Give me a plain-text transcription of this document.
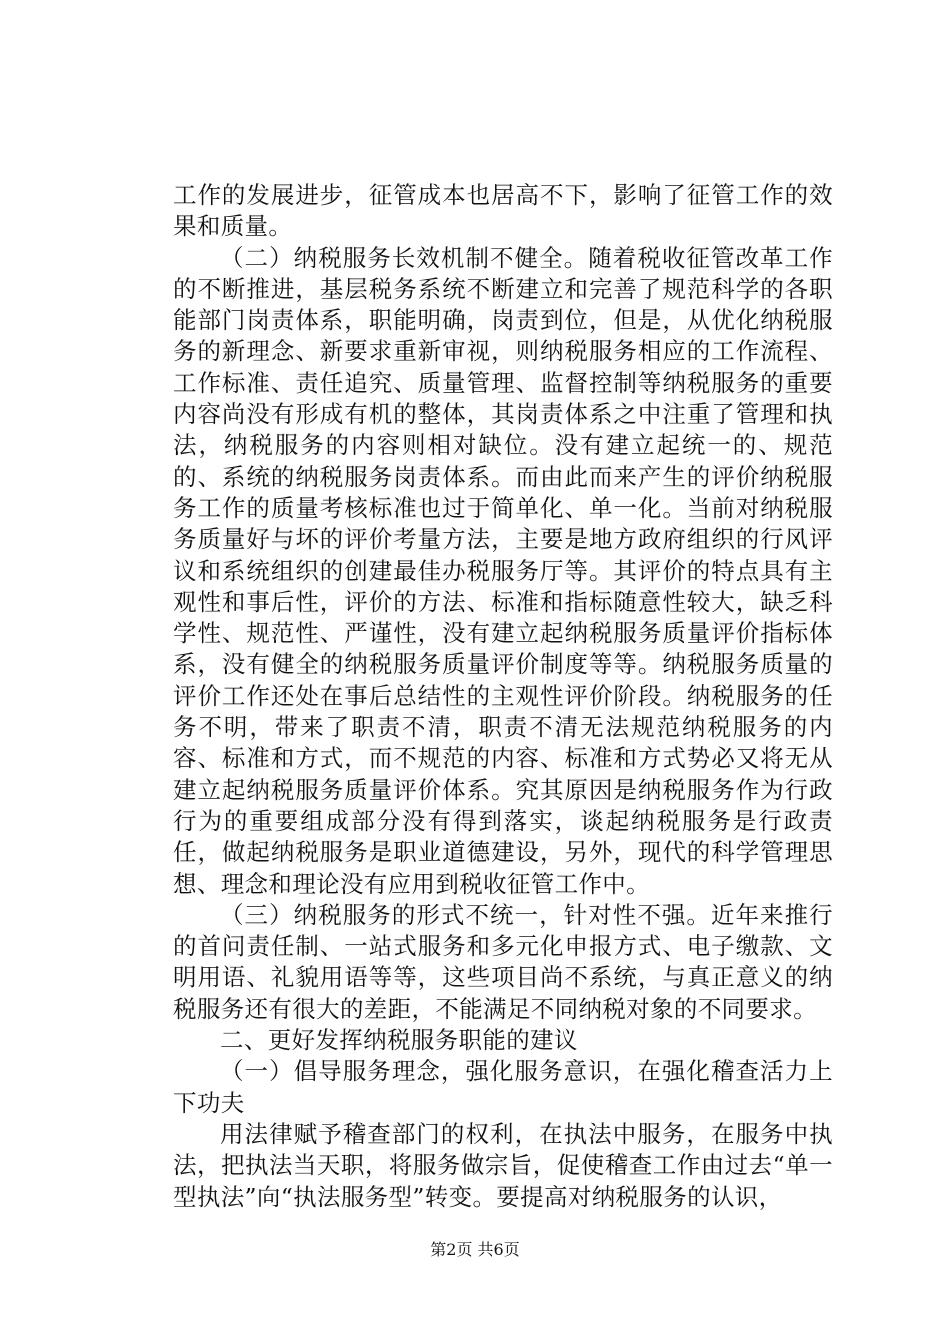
工作的发展进步，征管成本也居高不下，影响了征管工作的效果和质量。

（二）纳税服务长效机制不健全。随着税收征管改革工作的不断推进，基层税务系统不断建立和完善了规范科学的各职能部门岗责体系，职能明确，岗责到位，但是，从优化纳税服务的新理念、新要求重新审视，则纳税服务相应的工作流程、工作标准、责任追究、质量管理、监督控制等纳税服务的重要内容尚没有形成有机的整体，其岗责体系之中注重了管理和执法，纳税服务的内容则相对缺位。没有建立起统一的、规范的、系统的纳税服务岗责体系。而由此而来产生的评价纳税服务工作的质量考核标准也过于简单化、单一化。当前对纳税服务质量好与坏的评价考量方法，主要是地方政府组织的行风评议和系统组织的创建最佳办税服务厅等。其评价的特点具有主观性和事后性，评价的方法、标准和指标随意性较大，缺乏科学性、规范性、严谨性，没有建立起纳税服务质量评价指标体系，没有健全的纳税服务质量评价制度等等。纳税服务质量的评价工作还处在事后总结性的主观性评价阶段。纳税服务的任务不明，带来了职责不清，职责不清无法规范纳税服务的内容、标准和方式，而不规范的内容、标准和方式势必又将无从建立起纳税服务质量评价体系。究其原因是纳税服务作为行政行为的重要组成部分没有得到落实，谈起纳税服务是行政责任，做起纳税服务是职业道德建设，另外，现代的科学管理思想、理念和理论没有应用到税收征管工作中。

（三）纳税服务的形式不统一，针对性不强。近年来推行的首问责任制、一站式服务和多元化申报方式、电子缴款、文明用语、礼貌用语等等，这些项目尚不系统，与真正意义的纳税服务还有很大的差距，不能满足不同纳税对象的不同要求。

二、更好发挥纳税服务职能的建议

（一）倡导服务理念，强化服务意识，在强化稽查活力上下功夫

用法律赋予稽查部门的权利，在执法中服务，在服务中执法，把执法当天职，将服务做宗旨，促使稽查工作由过去“单一型执法”向“执法服务型”转变。要提高对纳税服务的认识，

第2页 共6页
